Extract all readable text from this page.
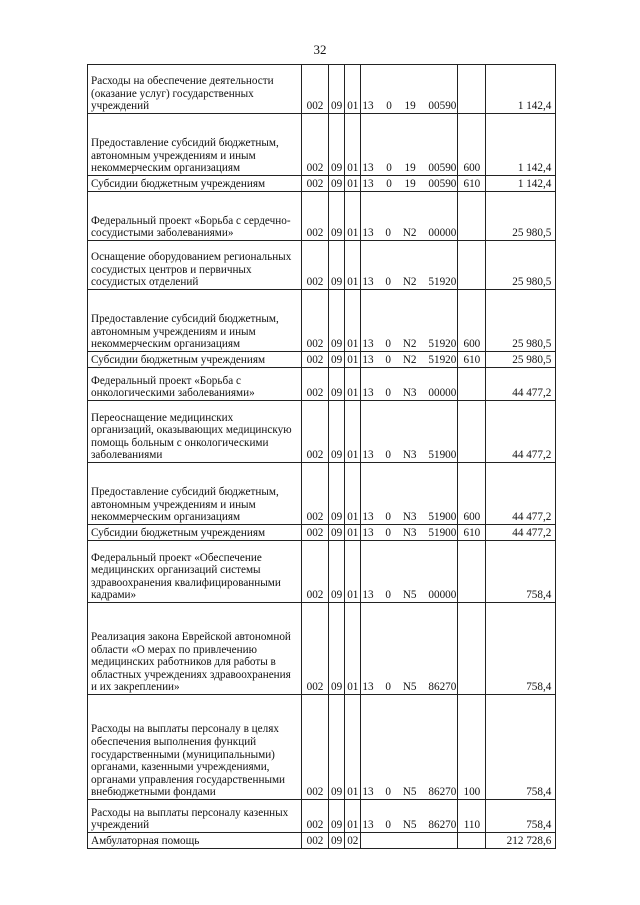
32
Расходы на обеспечение деятельности (оказание услуг) государственных учреждений	002	09	01	13 0 19 00590		1 142,4
Предоставление субсидий бюджетным, автономным учреждениям и иным некоммерческим организациям	002	09	01	13 0 19 00590	600	1 142,4
Субсидии бюджетным учреждениям	002	09	01	13 0 19 00590	610	1 142,4
Федеральный проект «Борьба с сердечно-сосудистыми заболеваниями»	002	09	01	13 0 N2 00000		25 980,5
Оснащение оборудованием региональных сосудистых центров и первичных сосудистых отделений	002	09	01	13 0 N2 51920		25 980,5
Предоставление субсидий бюджетным, автономным учреждениям и иным некоммерческим организациям	002	09	01	13 0 N2 51920	600	25 980,5
Субсидии бюджетным учреждениям	002	09	01	13 0 N2 51920	610	25 980,5
Федеральный проект «Борьба с онкологическими заболеваниями»	002	09	01	13 0 N3 00000		44 477,2
Переоснащение медицинских организаций, оказывающих медицинскую помощь больным с онкологическими заболеваниями	002	09	01	13 0 N3 51900		44 477,2
Предоставление субсидий бюджетным, автономным учреждениям и иным некоммерческим организациям	002	09	01	13 0 N3 51900	600	44 477,2
Субсидии бюджетным учреждениям	002	09	01	13 0 N3 51900	610	44 477,2
Федеральный проект «Обеспечение медицинских организаций системы здравоохранения квалифицированными кадрами»	002	09	01	13 0 N5 00000		758,4
Реализация закона Еврейской автономной области «О мерах по привлечению медицинских работников для работы в областных учреждениях здравоохранения и их закреплении»	002	09	01	13 0 N5 86270		758,4
Расходы на выплаты персоналу в целях обеспечения выполнения функций государственными (муниципальными) органами, казенными учреждениями, органами управления государственными внебюджетными фондами	002	09	01	13 0 N5 86270	100	758,4
Расходы на выплаты персоналу казенных учреждений	002	09	01	13 0 N5 86270	110	758,4
Амбулаторная помощь	002	09	02			212 728,6
